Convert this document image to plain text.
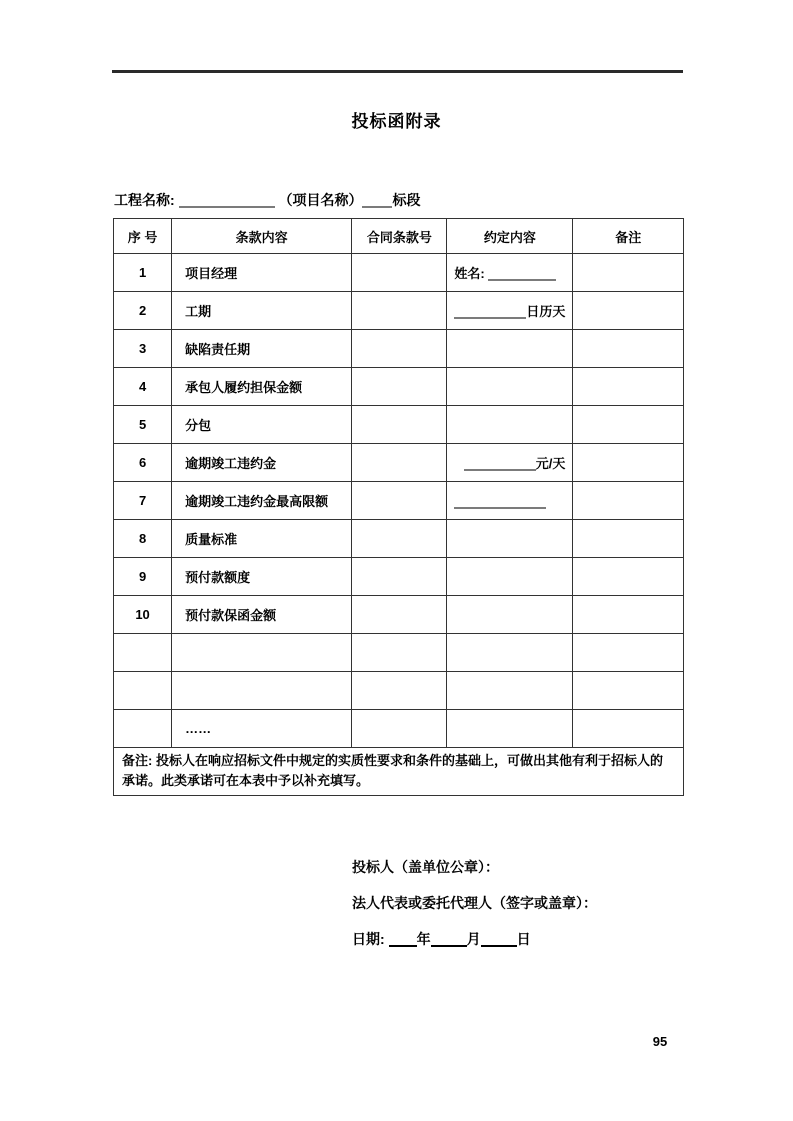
投标函附录
工程名称:	（项目名称） 标段
序 号	条款内容	合同条款号	约定内容	备注
1	项目经理		姓名:	
2	工期		日历天	
3	缺陷责任期			
4	承包人履约担保金额			
5	分包			
6	逾期竣工违约金		元/天	
7	逾期竣工违约金最高限额			
8	质量标准			
9	预付款额度			
10	预付款保函金额			

	……			
备注: 投标人在响应招标文件中规定的实质性要求和条件的基础上，可做出其他有利于招标人的承诺。此类承诺可在本表中予以补充填写。				
投标人（盖单位公章）：
法人代表或委托代理人（签字或盖章）：
日期: 年	月	日
95
